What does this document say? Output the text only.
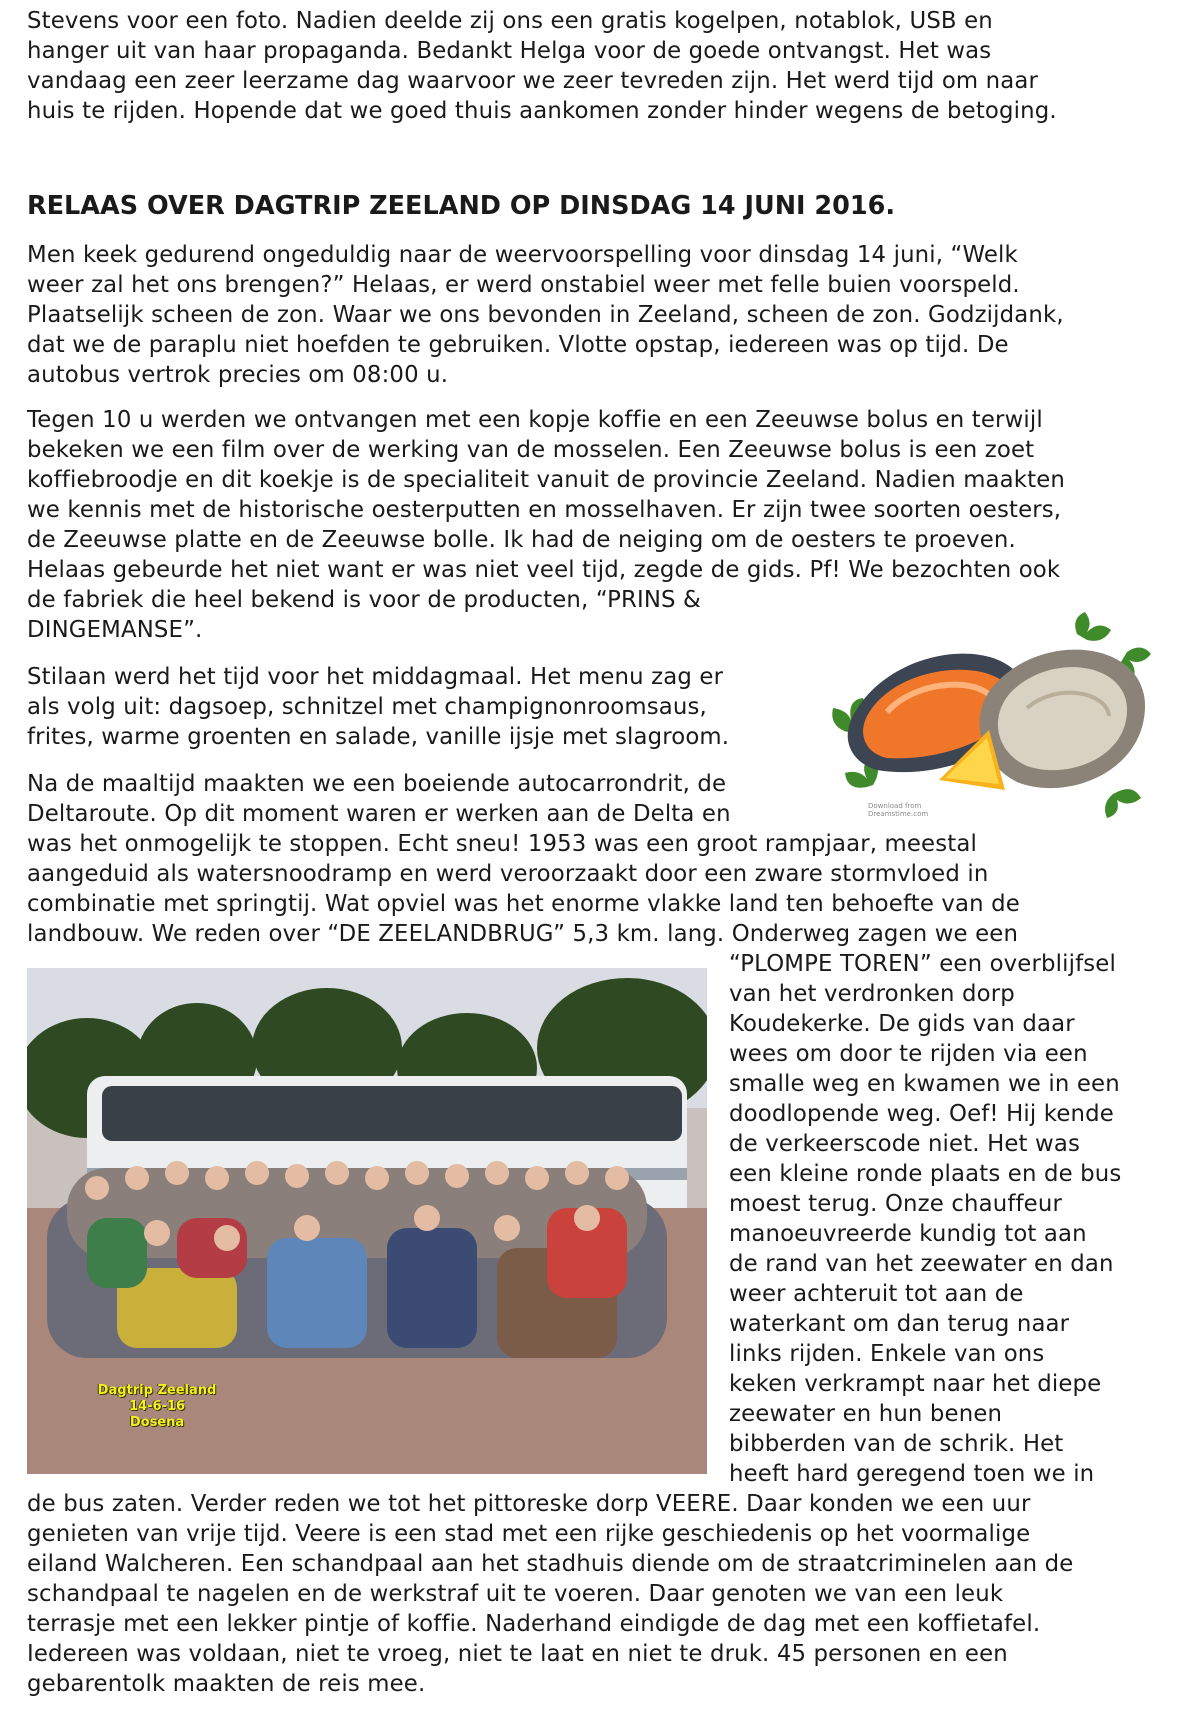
Stevens voor een foto. Nadien deelde zij ons een gratis kogelpen, notablok, USB en

hanger uit van haar propaganda. Bedankt Helga voor de goede ontvangst. Het was

vandaag een zeer leerzame dag waarvoor we zeer tevreden zijn. Het werd tijd om naar

huis te rijden. Hopende dat we goed thuis aankomen zonder hinder wegens de betoging.

RELAAS OVER DAGTRIP ZEELAND OP DINSDAG 14 JUNI 2016.

Men keek gedurend ongeduldig naar de weervoorspelling voor dinsdag 14 juni, “Welk

weer zal het ons brengen?” Helaas, er werd onstabiel weer met felle buien voorspeld.

Plaatselijk scheen de zon. Waar we ons bevonden in Zeeland, scheen de zon. Godzijdank,

dat we de paraplu niet hoefden te gebruiken. Vlotte opstap, iedereen was op tijd. De

autobus vertrok precies om 08:00 u.

Tegen 10 u werden we ontvangen met een kopje koffie en een Zeeuwse bolus en terwijl

bekeken we een film over de werking van de mosselen. Een Zeeuwse bolus is een zoet

koffiebroodje en dit koekje is de specialiteit vanuit de provincie Zeeland. Nadien maakten

we kennis met de historische oesterputten en mosselhaven. Er zijn twee soorten oesters,

de Zeeuwse platte en de Zeeuwse bolle. Ik had de neiging om de oesters te proeven.

Helaas gebeurde het niet want er was niet veel tijd, zegde de gids. Pf! We bezochten ook

de fabriek die heel bekend is voor de producten, “PRINS &

DINGEMANSE”.

Stilaan werd het tijd voor het middagmaal. Het menu zag er

als volg uit: dagsoep, schnitzel met champignonroomsaus,

frites, warme groenten en salade, vanille ijsje met slagroom.

Na de maaltijd maakten we een boeiende autocarrondrit, de

Deltaroute. Op dit moment waren er werken aan de Delta en

was het onmogelijk te stoppen. Echt sneu! 1953 was een groot rampjaar, meestal

aangeduid als watersnoodramp en werd veroorzaakt door een zware stormvloed in

combinatie met springtij. Wat opviel was het enorme vlakke land ten behoefte van de

landbouw. We reden over “DE ZEELANDBRUG” 5,3 km. lang. Onderweg zagen we een

“PLOMPE TOREN” een overblijfsel

van het verdronken dorp

Koudekerke. De gids van daar

wees om door te rijden via een

smalle weg en kwamen we in een

doodlopende weg. Oef! Hij kende

de verkeerscode niet. Het was

een kleine ronde plaats en de bus

moest terug. Onze chauffeur

manoeuvreerde kundig tot aan

de rand van het zeewater en dan

weer achteruit tot aan de

waterkant om dan terug naar

links rijden. Enkele van ons

keken verkrampt naar het diepe

zeewater en hun benen

bibberden van de schrik. Het

heeft hard geregend toen we in

de bus zaten. Verder reden we tot het pittoreske dorp VEERE. Daar konden we een uur

genieten van vrije tijd. Veere is een stad met een rijke geschiedenis op het voormalige

eiland Walcheren. Een schandpaal aan het stadhuis diende om de straatcriminelen aan de

schandpaal te nagelen en de werkstraf uit te voeren. Daar genoten we van een leuk

terrasje met een lekker pintje of koffie. Naderhand eindigde de dag met een koffietafel.

Iedereen was voldaan, niet te vroeg, niet te laat en niet te druk. 45 personen en een

gebarentolk maakten de reis mee.

Download from
Dreamstime.com
Dagtrip Zeeland
14-6-16
Dosena
